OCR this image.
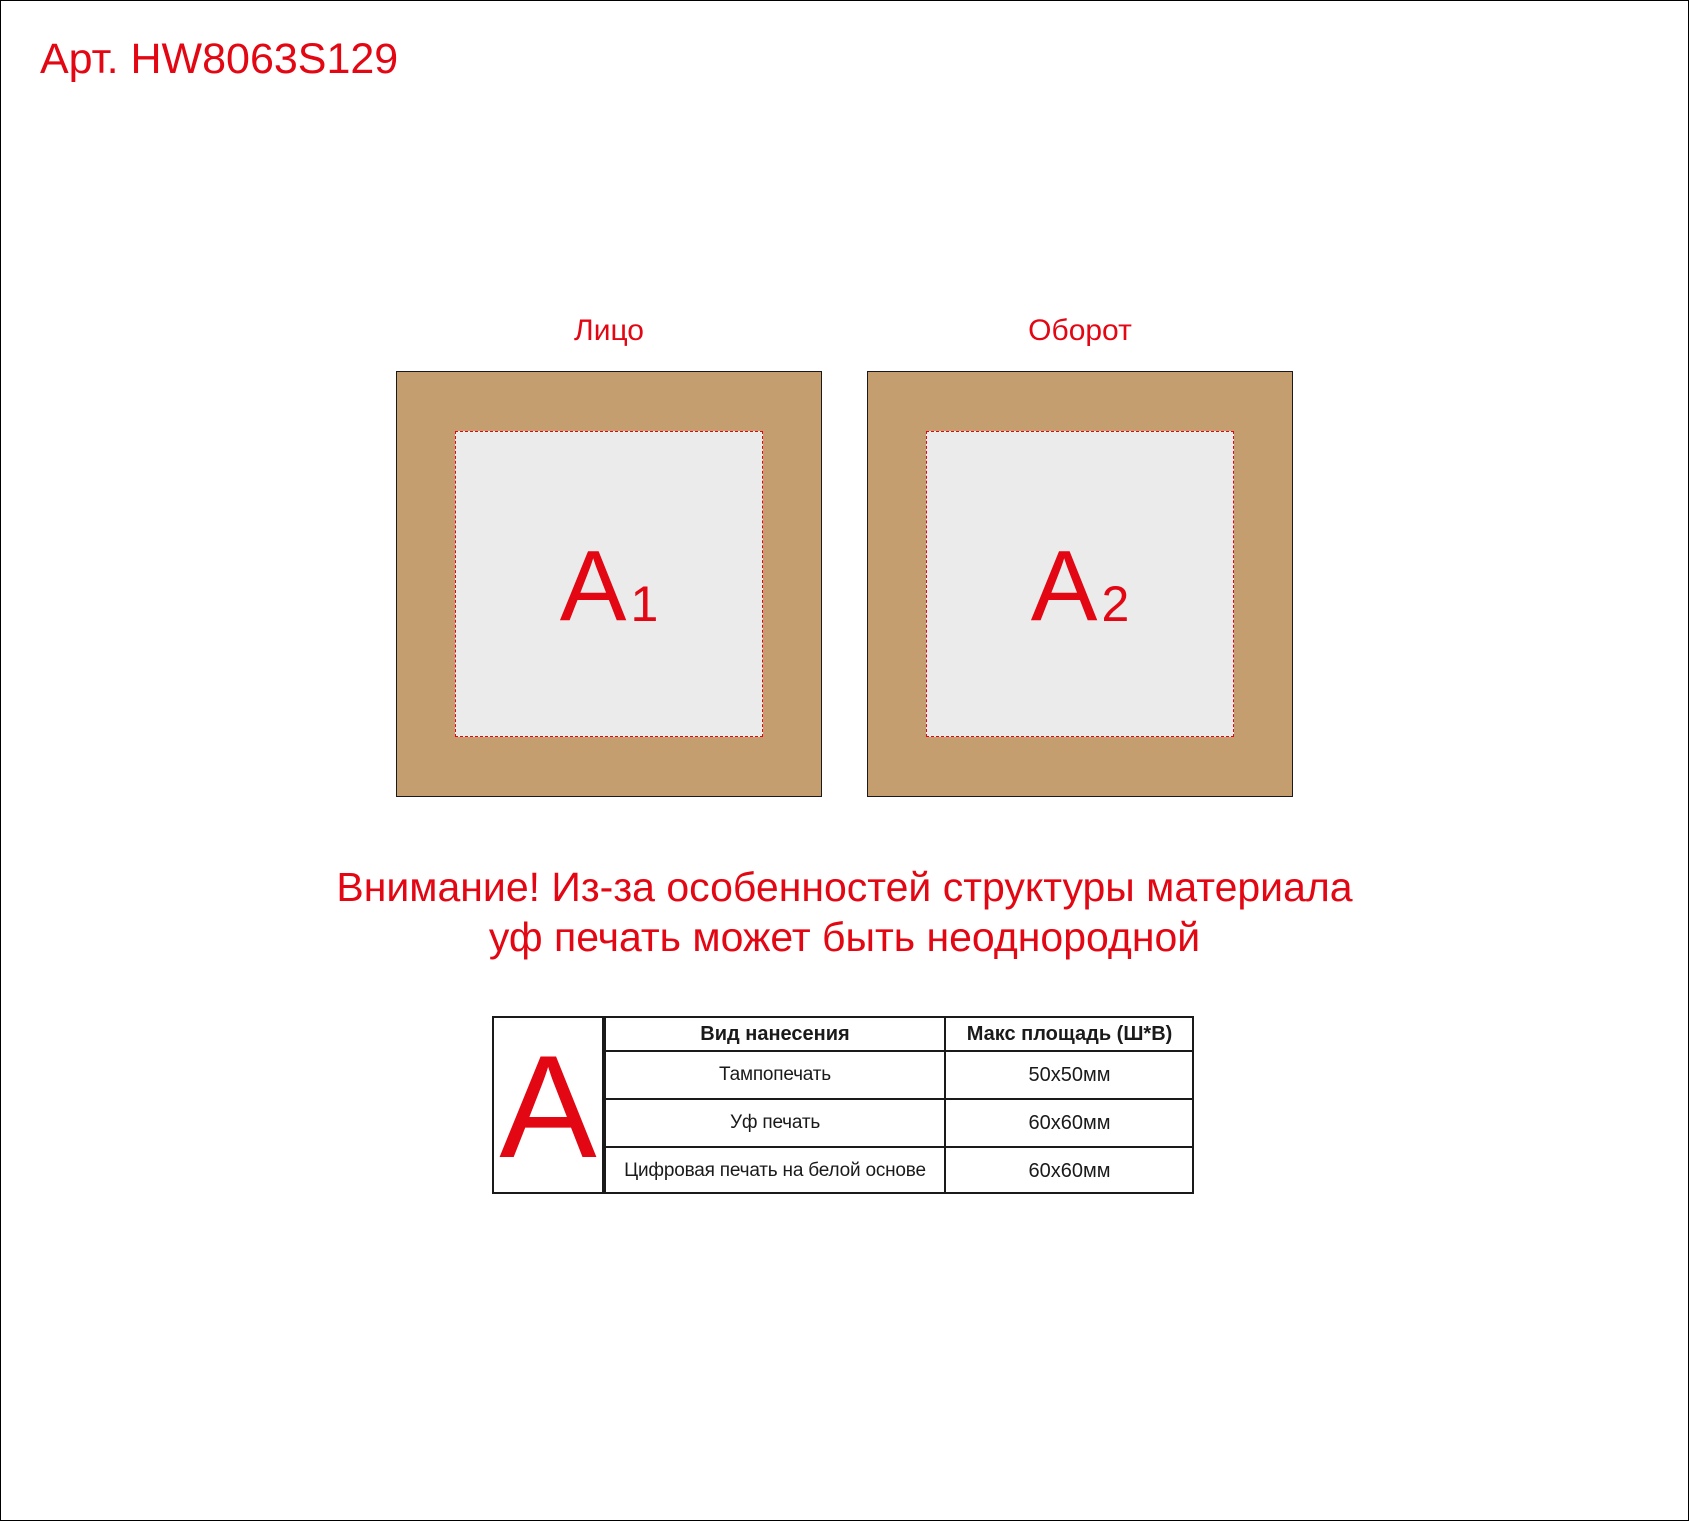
Арт. HW8063S129
Лицо	Оборот
A 1	A 2
Внимание! Из-за особенностей структуры материала
уф печать может быть неоднородной
A	Вид нанесения	Макс площадь (Ш*В)
Тампопечать	50x50мм
Уф печать	60x60мм
Цифровая печать на белой основе	60x60мм
